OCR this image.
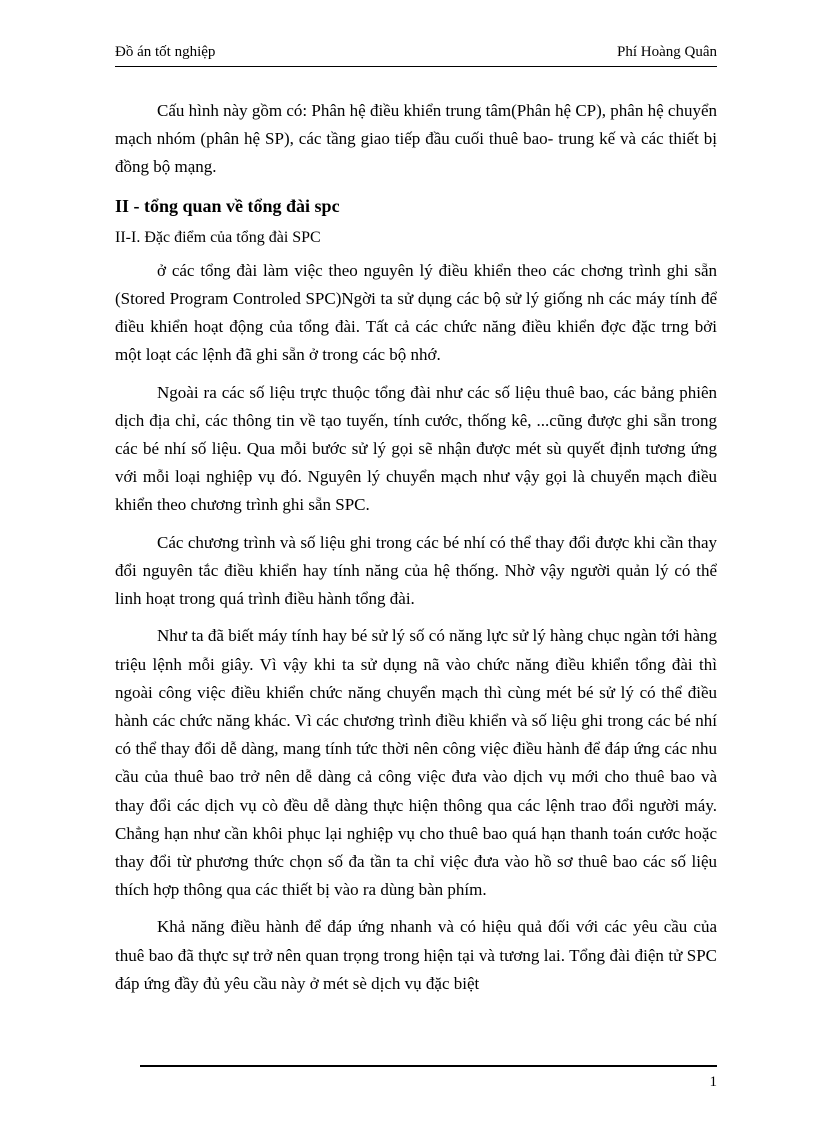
Đồ án tốt nghiệp	Phí Hoàng Quân

Cấu hình này gồm có: Phân hệ điều khiển trung tâm(Phân hệ CP), phân hệ chuyển mạch nhóm (phân hệ SP), các tầng giao tiếp đầu cuối thuê bao- trung kế và các thiết bị đồng bộ mạng.

II - tổng quan về tổng đài spc
II-I. Đặc điểm của tổng đài SPC

ở các tổng đài làm việc theo nguyên lý điều khiển theo các chơng trình ghi sẵn (Stored Program Controled SPC)Ngời ta sử dụng các bộ sử lý giống nh các máy tính để điều khiển hoạt động của tổng đài. Tất cả các chức năng điều khiển đợc đặc trng bởi một loạt các lệnh đã ghi sẵn ở trong các bộ nhớ.

Ngoài ra các số liệu trực thuộc tổng đài như các số liệu thuê bao, các bảng phiên dịch địa chỉ, các thông tin về tạo tuyến, tính cước, thống kê, ...cũng được ghi sẵn trong các bé nhí số liệu. Qua mỗi bước sử lý gọi sẽ nhận được mét sù quyết định tương ứng với mỗi loại nghiệp vụ đó. Nguyên lý chuyển mạch như vậy gọi là chuyển mạch điều khiển theo chương trình ghi sẵn SPC.

Các chương trình và số liệu ghi trong các bé nhí có thể thay đổi được khi cần thay đổi nguyên tắc điều khiển hay tính năng của hệ thống. Nhờ vậy người quản lý có thể linh hoạt trong quá trình điều hành tổng đài.

Như ta đã biết máy tính hay bé sử lý số có năng lực sử lý hàng chục ngàn tới hàng triệu lệnh mỗi giây. Vì vậy khi ta sử dụng nã vào chức năng điều khiển tổng đài thì ngoài công việc điều khiển chức năng chuyển mạch thì cùng mét bé sử lý có thể điều hành các chức năng khác. Vì các chương trình điều khiển và số liệu ghi trong các bé nhí có thể thay đổi dễ dàng, mang tính tức thời nên công việc điều hành để đáp ứng các nhu cầu của thuê bao trở nên dễ dàng cả công việc đưa vào dịch vụ mới cho thuê bao và thay đổi các dịch vụ cò đều dễ dàng thực hiện thông qua các lệnh trao đổi người máy. Chẳng hạn như cần khôi phục lại nghiệp vụ cho thuê bao quá hạn thanh toán cước hoặc thay đổi từ phương thức chọn số đa tần ta chỉ việc đưa vào hồ sơ thuê bao các số liệu thích hợp thông qua các thiết bị vào ra dùng bàn phím.

Khả năng điều hành để đáp ứng nhanh và có hiệu quả đối với các yêu cầu của thuê bao đã thực sự trở nên quan trọng trong hiện tại và tương lai. Tổng đài điện tử SPC đáp ứng đầy đủ yêu cầu này ở mét sè dịch vụ đặc biệt

1
